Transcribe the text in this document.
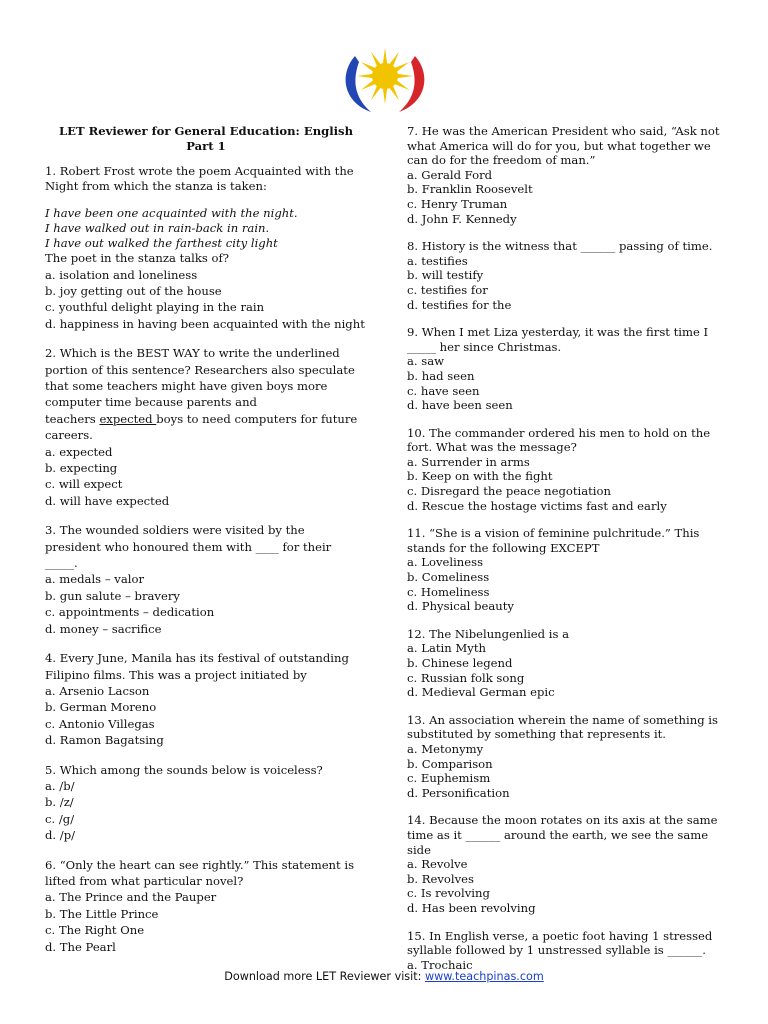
LET Reviewer for General Education: English Part 1
1. Robert Frost wrote the poem Acquainted with the
Night from which the stanza is taken:
I have been one acquainted with the night.
I have walked out in rain-back in rain.
I have out walked the farthest city light
The poet in the stanza talks of?
a. isolation and loneliness
b. joy getting out of the house
c. youthful delight playing in the rain
d. happiness in having been acquainted with the night
2. Which is the BEST WAY to write the underlined
portion of this sentence? Researchers also speculate
that some teachers might have given boys more
computer time because parents and
teachers expected boys to need computers for future
careers.
a. expected
b. expecting
c. will expect
d. will have expected
3. The wounded soldiers were visited by the
president who honoured them with ____ for their _____.
a. medals – valor
b. gun salute – bravery
c. appointments – dedication
d. money – sacrifice
4. Every June, Manila has its festival of outstanding
Filipino films. This was a project initiated by
a. Arsenio Lacson
b. German Moreno
c. Antonio Villegas
d. Ramon Bagatsing
5. Which among the sounds below is voiceless?
a. /b/
b. /z/
c. /g/
d. /p/
6. “Only the heart can see rightly.” This statement is
lifted from what particular novel?
a. The Prince and the Pauper
b. The Little Prince
c. The Right One
d. The Pearl
7. He was the American President who said, “Ask not
what America will do for you, but what together we
can do for the freedom of man.”
a. Gerald Ford
b. Franklin Roosevelt
c. Henry Truman
d. John F. Kennedy
8. History is the witness that ______ passing of time.
a. testifies
b. will testify
c. testifies for
d. testifies for the
9. When I met Liza yesterday, it was the first time I
_____ her since Christmas.
a. saw
b. had seen
c. have seen
d. have been seen
10. The commander ordered his men to hold on the
fort. What was the message?
a. Surrender in arms
b. Keep on with the fight
c. Disregard the peace negotiation
d. Rescue the hostage victims fast and early
11. “She is a vision of feminine pulchritude.” This
stands for the following EXCEPT
a. Loveliness
b. Comeliness
c. Homeliness
d. Physical beauty
12. The Nibelungenlied is a
a. Latin Myth
b. Chinese legend
c. Russian folk song
d. Medieval German epic
13. An association wherein the name of something is
substituted by something that represents it.
a. Metonymy
b. Comparison
c. Euphemism
d. Personification
14. Because the moon rotates on its axis at the same
time as it ______ around the earth, we see the same
side
a. Revolve
b. Revolves
c. Is revolving
d. Has been revolving
15. In English verse, a poetic foot having 1 stressed
syllable followed by 1 unstressed syllable is ______.
a. Trochaic
Download more LET Reviewer visit: www.teachpinas.com
